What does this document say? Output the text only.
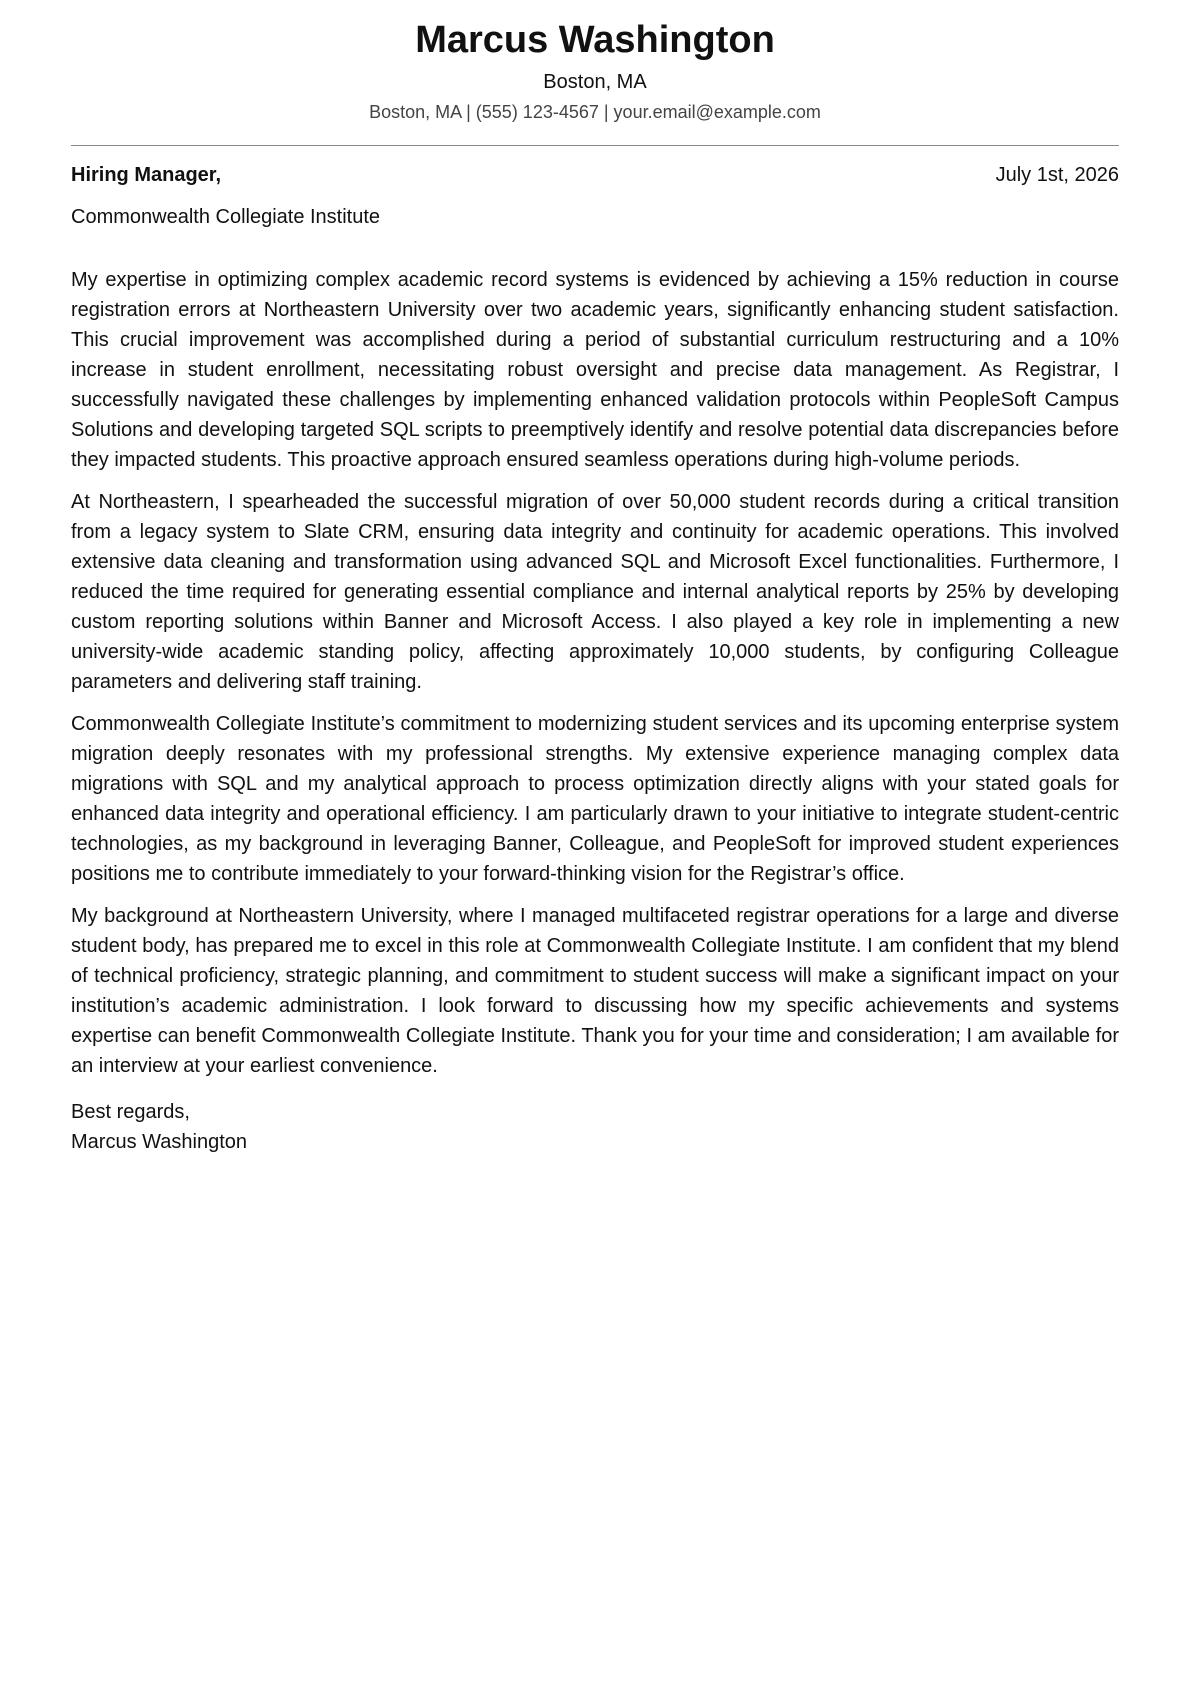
Marcus Washington
Boston, MA
Boston, MA | (555) 123-4567 | your.email@example.com
Hiring Manager,	July 1st, 2026
Commonwealth Collegiate Institute

My expertise in optimizing complex academic record systems is evidenced by achieving a 15% reduction in course registration errors at Northeastern University over two academic years, significantly enhancing student satisfaction. This crucial improvement was accomplished during a period of substantial curriculum restructuring and a 10% increase in student enrollment, necessitating robust oversight and precise data management. As Registrar, I successfully navigated these challenges by implementing enhanced validation protocols within PeopleSoft Campus Solutions and developing targeted SQL scripts to preemptively identify and resolve potential data discrepancies before they impacted students. This proactive approach ensured seamless operations during high-volume periods.

At Northeastern, I spearheaded the successful migration of over 50,000 student records during a critical transition from a legacy system to Slate CRM, ensuring data integrity and continuity for academic operations. This involved extensive data cleaning and transformation using advanced SQL and Microsoft Excel functionalities. Furthermore, I reduced the time required for generating essential compliance and internal analytical reports by 25% by developing custom reporting solutions within Banner and Microsoft Access. I also played a key role in implementing a new university-wide academic standing policy, affecting approximately 10,000 students, by configuring Colleague parameters and delivering staff training.

Commonwealth Collegiate Institute’s commitment to modernizing student services and its upcoming enterprise system migration deeply resonates with my professional strengths. My extensive experience managing complex data migrations with SQL and my analytical approach to process optimization directly aligns with your stated goals for enhanced data integrity and operational efficiency. I am particularly drawn to your initiative to integrate student-centric technologies, as my background in leveraging Banner, Colleague, and PeopleSoft for improved student experiences positions me to contribute immediately to your forward-thinking vision for the Registrar’s office.

My background at Northeastern University, where I managed multifaceted registrar operations for a large and diverse student body, has prepared me to excel in this role at Commonwealth Collegiate Institute. I am confident that my blend of technical proficiency, strategic planning, and commitment to student success will make a significant impact on your institution’s academic administration. I look forward to discussing how my specific achievements and systems expertise can benefit Commonwealth Collegiate Institute. Thank you for your time and consideration; I am available for an interview at your earliest convenience.

Best regards,
Marcus Washington
